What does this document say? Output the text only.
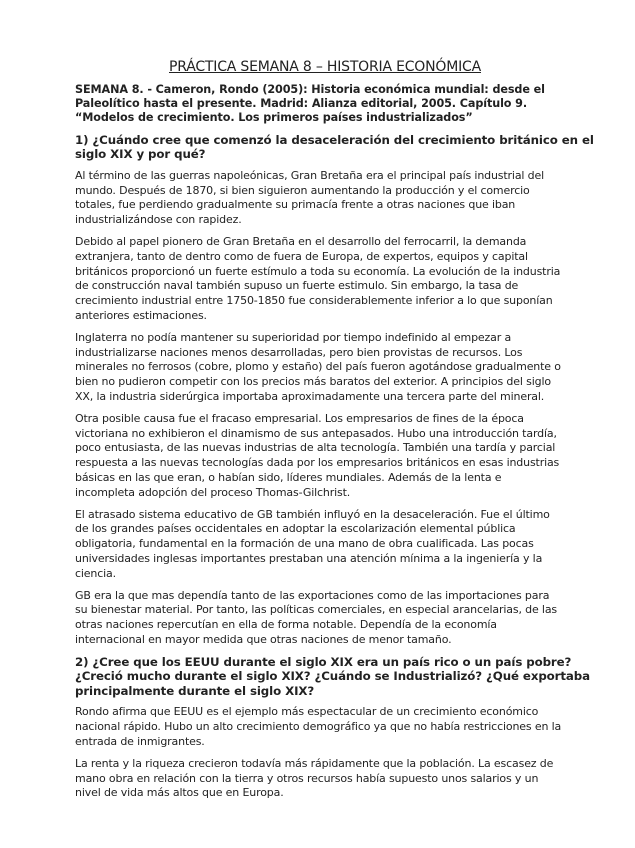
PRÁCTICA SEMANA 8 – HISTORIA ECONÓMICA
SEMANA 8. - Cameron, Rondo (2005): Historia económica mundial: desde el
Paleolítico hasta el presente. Madrid: Alianza editorial, 2005. Capítulo 9.
“Modelos de crecimiento. Los primeros países industrializados”
1) ¿Cuándo cree que comenzó la desaceleración del crecimiento británico en el
siglo XIX y por qué?
Al término de las guerras napoleónicas, Gran Bretaña era el principal país industrial del
mundo. Después de 1870, si bien siguieron aumentando la producción y el comercio
totales, fue perdiendo gradualmente su primacía frente a otras naciones que iban
industrializándose con rapidez.
Debido al papel pionero de Gran Bretaña en el desarrollo del ferrocarril, la demanda
extranjera, tanto de dentro como de fuera de Europa, de expertos, equipos y capital
británicos proporcionó un fuerte estímulo a toda su economía. La evolución de la industria
de construcción naval también supuso un fuerte estimulo. Sin embargo, la tasa de
crecimiento industrial entre 1750-1850 fue considerablemente inferior a lo que suponían
anteriores estimaciones.
Inglaterra no podía mantener su superioridad por tiempo indefinido al empezar a
industrializarse naciones menos desarrolladas, pero bien provistas de recursos. Los
minerales no ferrosos (cobre, plomo y estaño) del país fueron agotándose gradualmente o
bien no pudieron competir con los precios más baratos del exterior. A principios del siglo
XX, la industria siderúrgica importaba aproximadamente una tercera parte del mineral.
Otra posible causa fue el fracaso empresarial. Los empresarios de fines de la época
victoriana no exhibieron el dinamismo de sus antepasados. Hubo una introducción tardía,
poco entusiasta, de las nuevas industrias de alta tecnología. También una tardía y parcial
respuesta a las nuevas tecnologías dada por los empresarios británicos en esas industrias
básicas en las que eran, o habían sido, líderes mundiales. Además de la lenta e
incompleta adopción del proceso Thomas-Gilchrist.
El atrasado sistema educativo de GB también influyó en la desaceleración. Fue el último
de los grandes países occidentales en adoptar la escolarización elemental pública
obligatoria, fundamental en la formación de una mano de obra cualificada. Las pocas
universidades inglesas importantes prestaban una atención mínima a la ingeniería y la
ciencia.
GB era la que mas dependía tanto de las exportaciones como de las importaciones para
su bienestar material. Por tanto, las políticas comerciales, en especial arancelarias, de las
otras naciones repercutían en ella de forma notable. Dependía de la economía
internacional en mayor medida que otras naciones de menor tamaño.
2) ¿Cree que los EEUU durante el siglo XIX era un país rico o un país pobre?
¿Creció mucho durante el siglo XIX? ¿Cuándo se Industrializó? ¿Qué exportaba
principalmente durante el siglo XIX?
Rondo afirma que EEUU es el ejemplo más espectacular de un crecimiento económico
nacional rápido. Hubo un alto crecimiento demográfico ya que no había restricciones en la
entrada de inmigrantes.
La renta y la riqueza crecieron todavía más rápidamente que la población. La escasez de
mano obra en relación con la tierra y otros recursos había supuesto unos salarios y un
nivel de vida más altos que en Europa.
